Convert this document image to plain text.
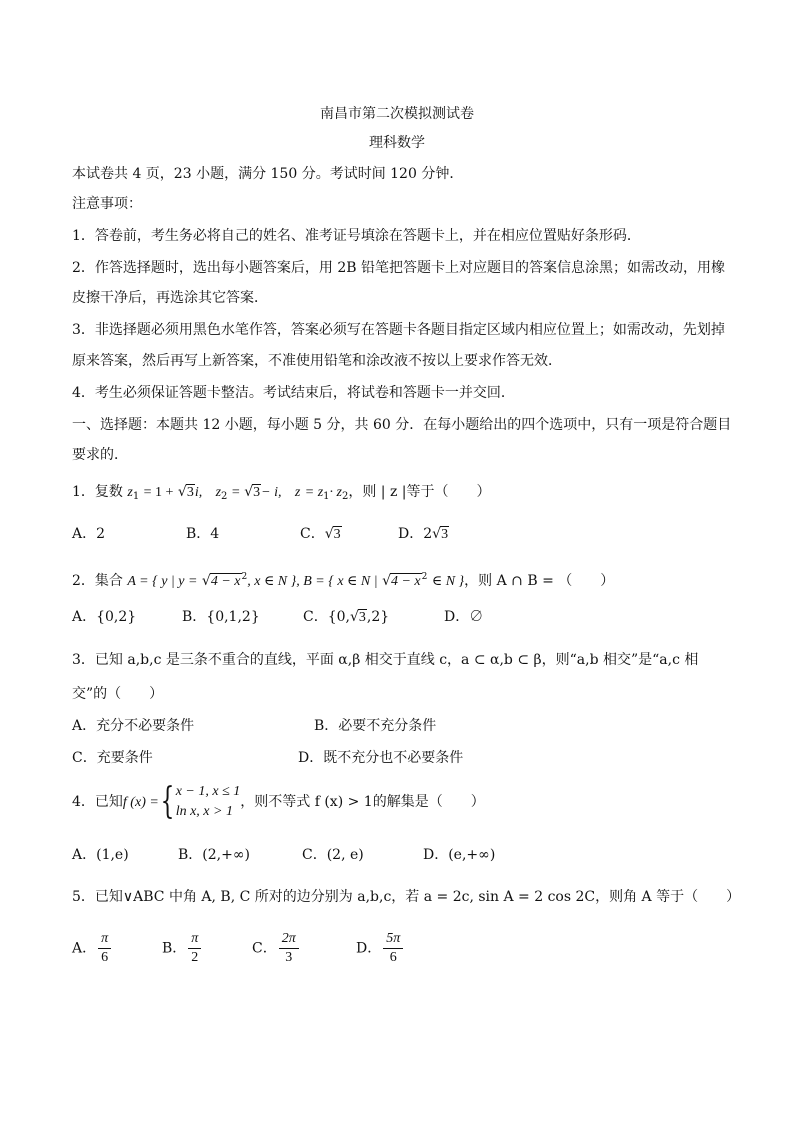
南昌市第二次模拟测试卷
理科数学
本试卷共 4 页，23 小题，满分 150 分。考试时间 120 分钟．
注意事项：
1．答卷前，考生务必将自己的姓名、准考证号填涂在答题卡上，并在相应位置贴好条形码．
2．作答选择题时，选出每小题答案后，用 2B 铅笔把答题卡上对应题目的答案信息涂黑；如需改动，用橡
皮擦干净后，再选涂其它答案．
3．非选择题必须用黑色水笔作答，答案必须写在答题卡各题目指定区域内相应位置上；如需改动，先划掉
原来答案，然后再写上新答案，不准使用铅笔和涂改液不按以上要求作答无效．
4．考生必须保证答题卡整洁。考试结束后，将试卷和答题卡一并交回．
一、选择题：本题共 12 小题，每小题 5 分，共 60 分．在每小题给出的四个选项中，只有一项是符合题目
要求的．
1．复数 $z_1 = 1 + √3i$, $z_2 = √3- i$, $z = z_1\cdot z_2$，则 | z |等于（　　）
A．2	B．4	C．√3	D．2√3
2．集合 A = { y | $y = √4 - x^2$, x ∈ N }, B = { x ∈ N | $√4 - x^2$ ∈ N }，则 A ∩ B = （　　）
A．{0,2}	B．{0,1,2}	C．{0,√3,2}	D．∅
3．已知 a,b,c 是三条不重合的直线，平面 α,β 相交于直线 c，a ⊂ α,b ⊂ β，则“a,b 相交”是“a,c 相
交”的（　　）
A．充分不必要条件	B．必要不充分条件
C．充要条件	D．既不充分也不必要条件
4．已知f (x) ={ x − 1, x ≤ 1
ln x, x > 1
，则不等式 f (x) > 1的解集是（　　）
A．(1,e)	B．(2,+∞)	C．(2, e)	D．(e,+∞)
5．已知∨ABC 中角 A, B, C 所对的边分别为 a,b,c，若 a = 2c, sin A = 2 cos 2C，则角 A 等于（　　）
A． $\frac{\pi}{6}$	B． $\frac{\pi}{2}$	C． $\frac{2\pi}{3}$	D． $\frac{5\pi}{6}$
